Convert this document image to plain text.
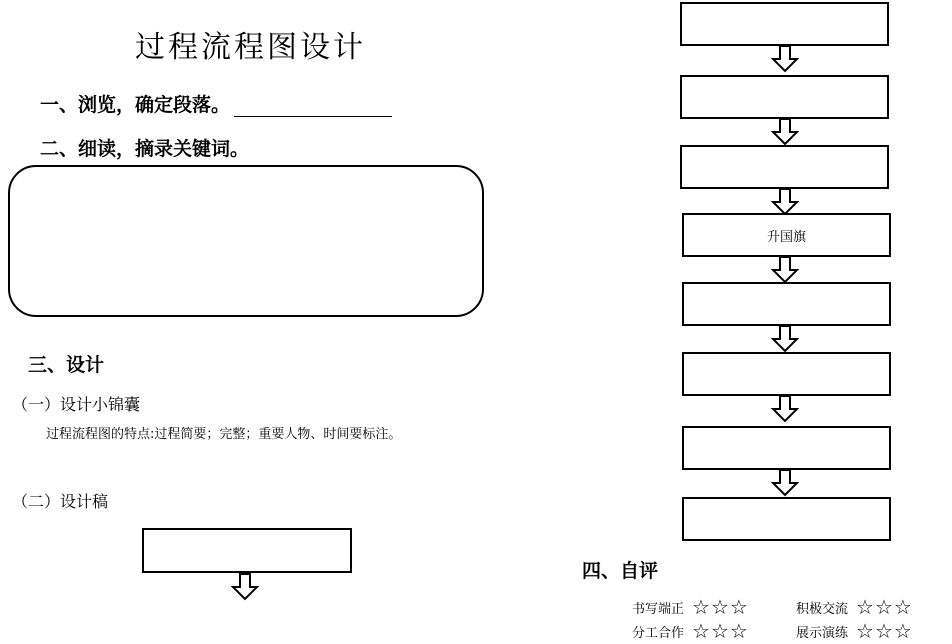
过程流程图设计
一、浏览，确定段落。
二、细读，摘录关键词。
三、设计
（一）设计小锦囊
过程流程图的特点:过程简要；完整；重要人物、时间要标注。
（二）设计稿
升国旗
四、自评
书写端正 ☆☆☆	积极交流 ☆☆☆
分工合作 ☆☆☆	展示演练 ☆☆☆
